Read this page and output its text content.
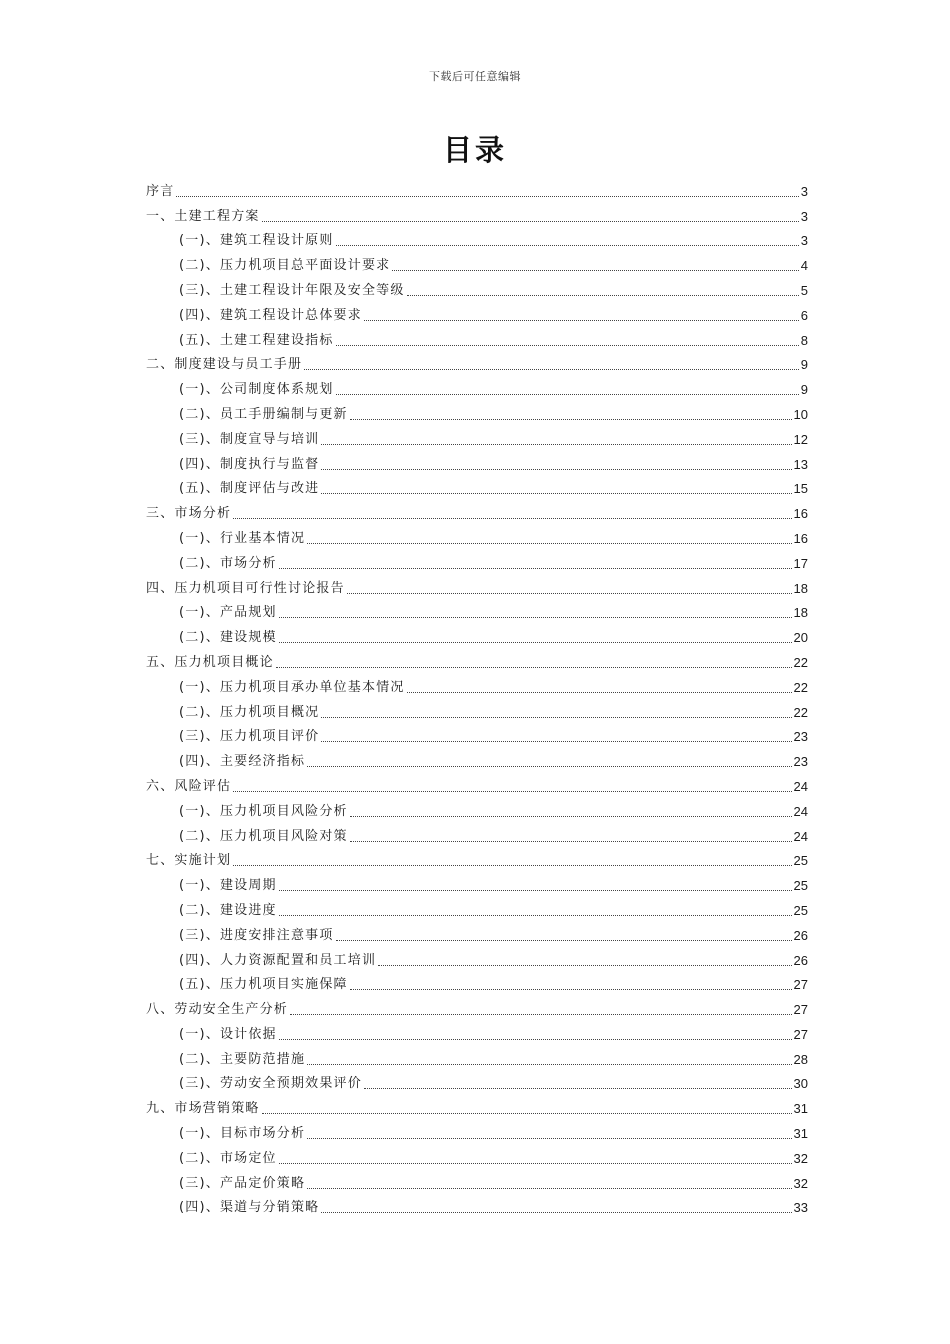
下载后可任意编辑
目录
序言	3
一、土建工程方案	3
(一)、建筑工程设计原则	3
(二)、压力机项目总平面设计要求	4
(三)、土建工程设计年限及安全等级	5
(四)、建筑工程设计总体要求	6
(五)、土建工程建设指标	8
二、制度建设与员工手册	9
(一)、公司制度体系规划	9
(二)、员工手册编制与更新	10
(三)、制度宣导与培训	12
(四)、制度执行与监督	13
(五)、制度评估与改进	15
三、市场分析	16
(一)、行业基本情况	16
(二)、市场分析	17
四、压力机项目可行性讨论报告	18
(一)、产品规划	18
(二)、建设规模	20
五、压力机项目概论	22
(一)、压力机项目承办单位基本情况	22
(二)、压力机项目概况	22
(三)、压力机项目评价	23
(四)、主要经济指标	23
六、风险评估	24
(一)、压力机项目风险分析	24
(二)、压力机项目风险对策	24
七、实施计划	25
(一)、建设周期	25
(二)、建设进度	25
(三)、进度安排注意事项	26
(四)、人力资源配置和员工培训	26
(五)、压力机项目实施保障	27
八、劳动安全生产分析	27
(一)、设计依据	27
(二)、主要防范措施	28
(三)、劳动安全预期效果评价	30
九、市场营销策略	31
(一)、目标市场分析	31
(二)、市场定位	32
(三)、产品定价策略	32
(四)、渠道与分销策略	33
